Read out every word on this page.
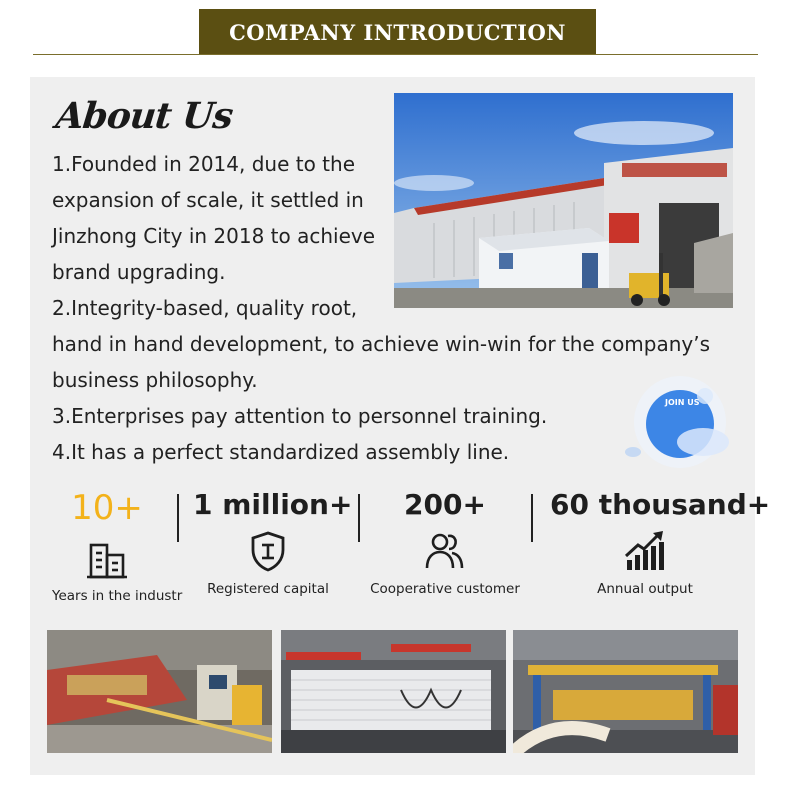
COMPANY INTRODUCTION
About Us
1.Founded in 2014, due to the expansion of scale, it settled in Jinzhong City in 2018 to achieve brand upgrading.
2.Integrity-based, quality root,
hand in hand development, to achieve win-win for the company’s
business philosophy.
3.Enterprises pay attention to personnel training.
4.It has a perfect standardized assembly line.
JOIN US
10+
Years in the industr
1 million+
Registered capital
200+
Cooperative customer
60 thousand+
Annual output
